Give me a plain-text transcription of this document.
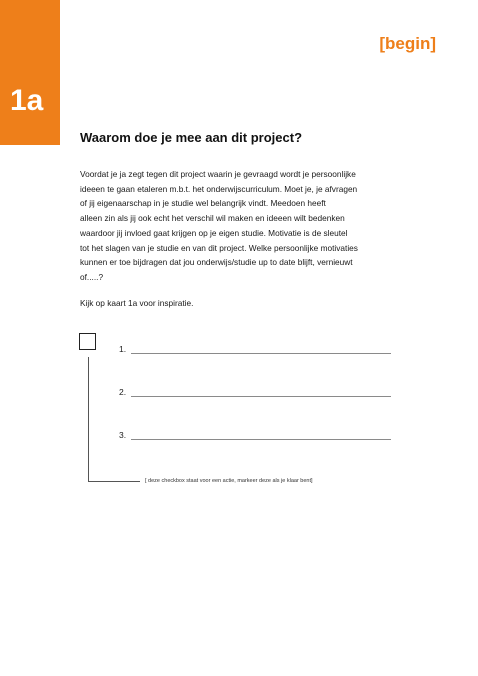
1a
[begin]
Waarom doe je mee aan dit project?

Voordat je ja zegt tegen dit project waarin je gevraagd wordt je persoonlijke
ideeen te gaan etaleren m.b.t. het onderwijscurriculum. Moet je, je afvragen
of jij eigenaarschap in je studie wel belangrijk vindt. Meedoen heeft
alleen zin als jij ook echt het verschil wil maken en ideeen wilt bedenken
waardoor jij invloed gaat krijgen op je eigen studie. Motivatie is de sleutel
tot het slagen van je studie en van dit project. Welke persoonlijke motivaties
kunnen er toe bijdragen dat jou onderwijs/studie up to date blijft, vernieuwt
of.....?

Kijk op kaart 1a voor inspiratie.

[ deze checkbox staat voor een actie, markeer deze als je klaar bent]
1.
2.
3.
